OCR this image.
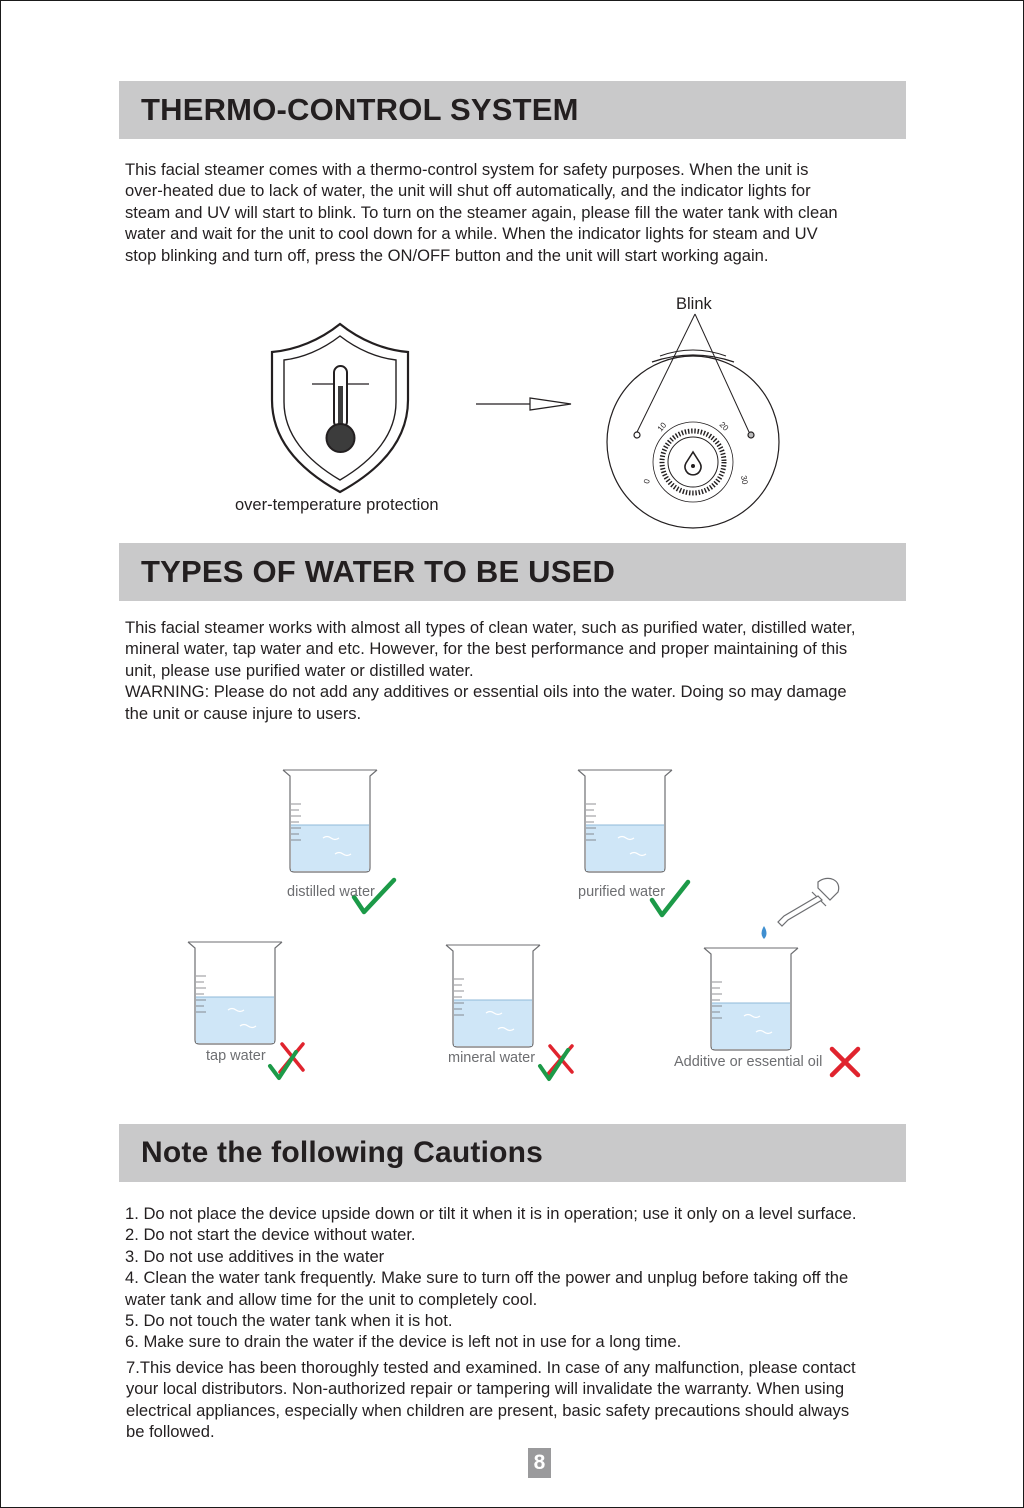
THERMO-CONTROL SYSTEM
This facial steamer comes with a thermo-control system for safety purposes. When the unit is
over-heated due to lack of water, the unit will shut off automatically, and the indicator lights for
steam and UV will start to blink. To turn on the steamer again, please fill the water tank with clean
water and wait for the unit to cool down for a while. When the indicator lights for steam and UV
stop blinking and turn off, press the ON/OFF button and the unit will start working again.
0
10	20
30
Blink
over-temperature protection
TYPES OF WATER TO BE USED
This facial steamer works with almost all types of clean water, such as purified water, distilled water,
mineral water, tap water and etc. However, for the best performance and proper maintaining of this
unit, please use purified water or distilled water.
WARNING: Please do not add any additives or essential oils into the water. Doing so may damage
the unit or cause injure to users.
distilled water	purified water
tap water	mineral water	Additive or essential oil
Note the following Cautions
1. Do not place the device upside down or tilt it when it is in operation; use it only on a level surface.
2. Do not start the device without water.
3. Do not use additives in the water
4. Clean the water tank frequently. Make sure to turn off the power and unplug before taking off the
water tank and allow time for the unit to completely cool.
5. Do not touch the water tank when it is hot.
6. Make sure to drain the water if the device is left not in use for a long time.
7.This device has been thoroughly tested and examined. In case of any malfunction, please contact
your local distributors. Non-authorized repair or tampering will invalidate the warranty. When using
electrical appliances, especially when children are present, basic safety precautions should always
be followed.
8
